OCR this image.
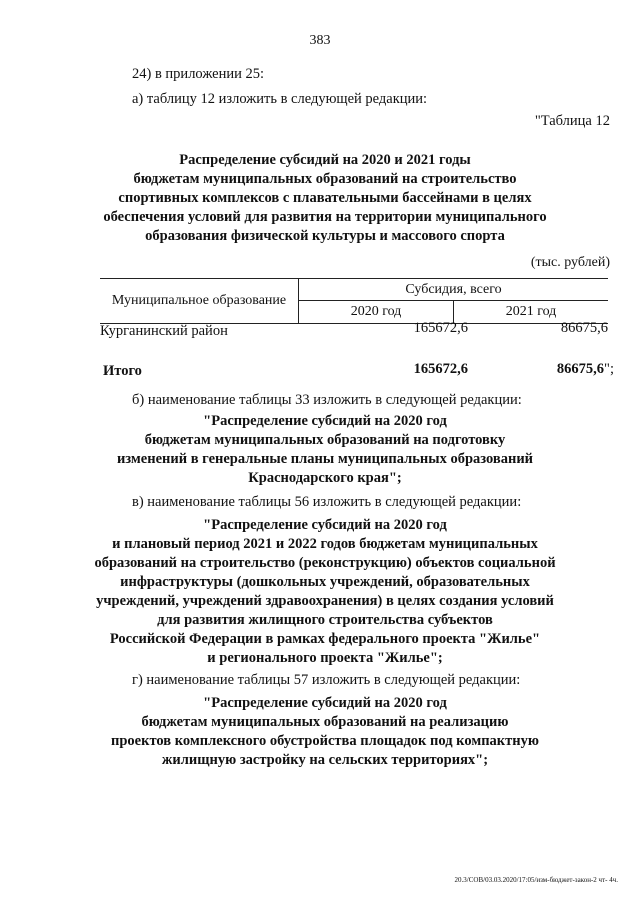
383
24) в приложении 25:
а) таблицу 12 изложить в следующей редакции:
"Таблица 12
Распределение субсидий на 2020 и 2021 годы
бюджетам муниципальных образований на строительство
спортивных комплексов с плавательными бассейнами в целях
обеспечения условий для развития на территории муниципального
образования физической культуры и массового спорта
(тыс. рублей)
Муниципальное образование
Субсидия, всего
2020 год	2021 год
Курганинский район	165672,6	86675,6
Итого	165672,6	86675,6";
б) наименование таблицы 33 изложить в следующей редакции:
"Распределение субсидий на 2020 год
бюджетам муниципальных образований на подготовку
изменений в генеральные планы муниципальных образований
Краснодарского края";
в) наименование таблицы 56 изложить в следующей редакции:
"Распределение субсидий на 2020 год
и плановый период 2021 и 2022 годов бюджетам муниципальных
образований на строительство (реконструкцию) объектов социальной
инфраструктуры (дошкольных учреждений, образовательных
учреждений, учреждений здравоохранения) в целях создания условий
для развития жилищного строительства субъектов
Российской Федерации в рамках федерального проекта "Жилье"
и регионального проекта "Жилье";
г) наименование таблицы 57 изложить в следующей редакции:
"Распределение субсидий на 2020 год
бюджетам муниципальных образований на реализацию
проектов комплексного обустройства площадок под компактную
жилищную застройку на сельских территориях";
20.3/СОВ/03.03.2020/17:05/изм-бюджет-закон-2 чт- 4ч.
